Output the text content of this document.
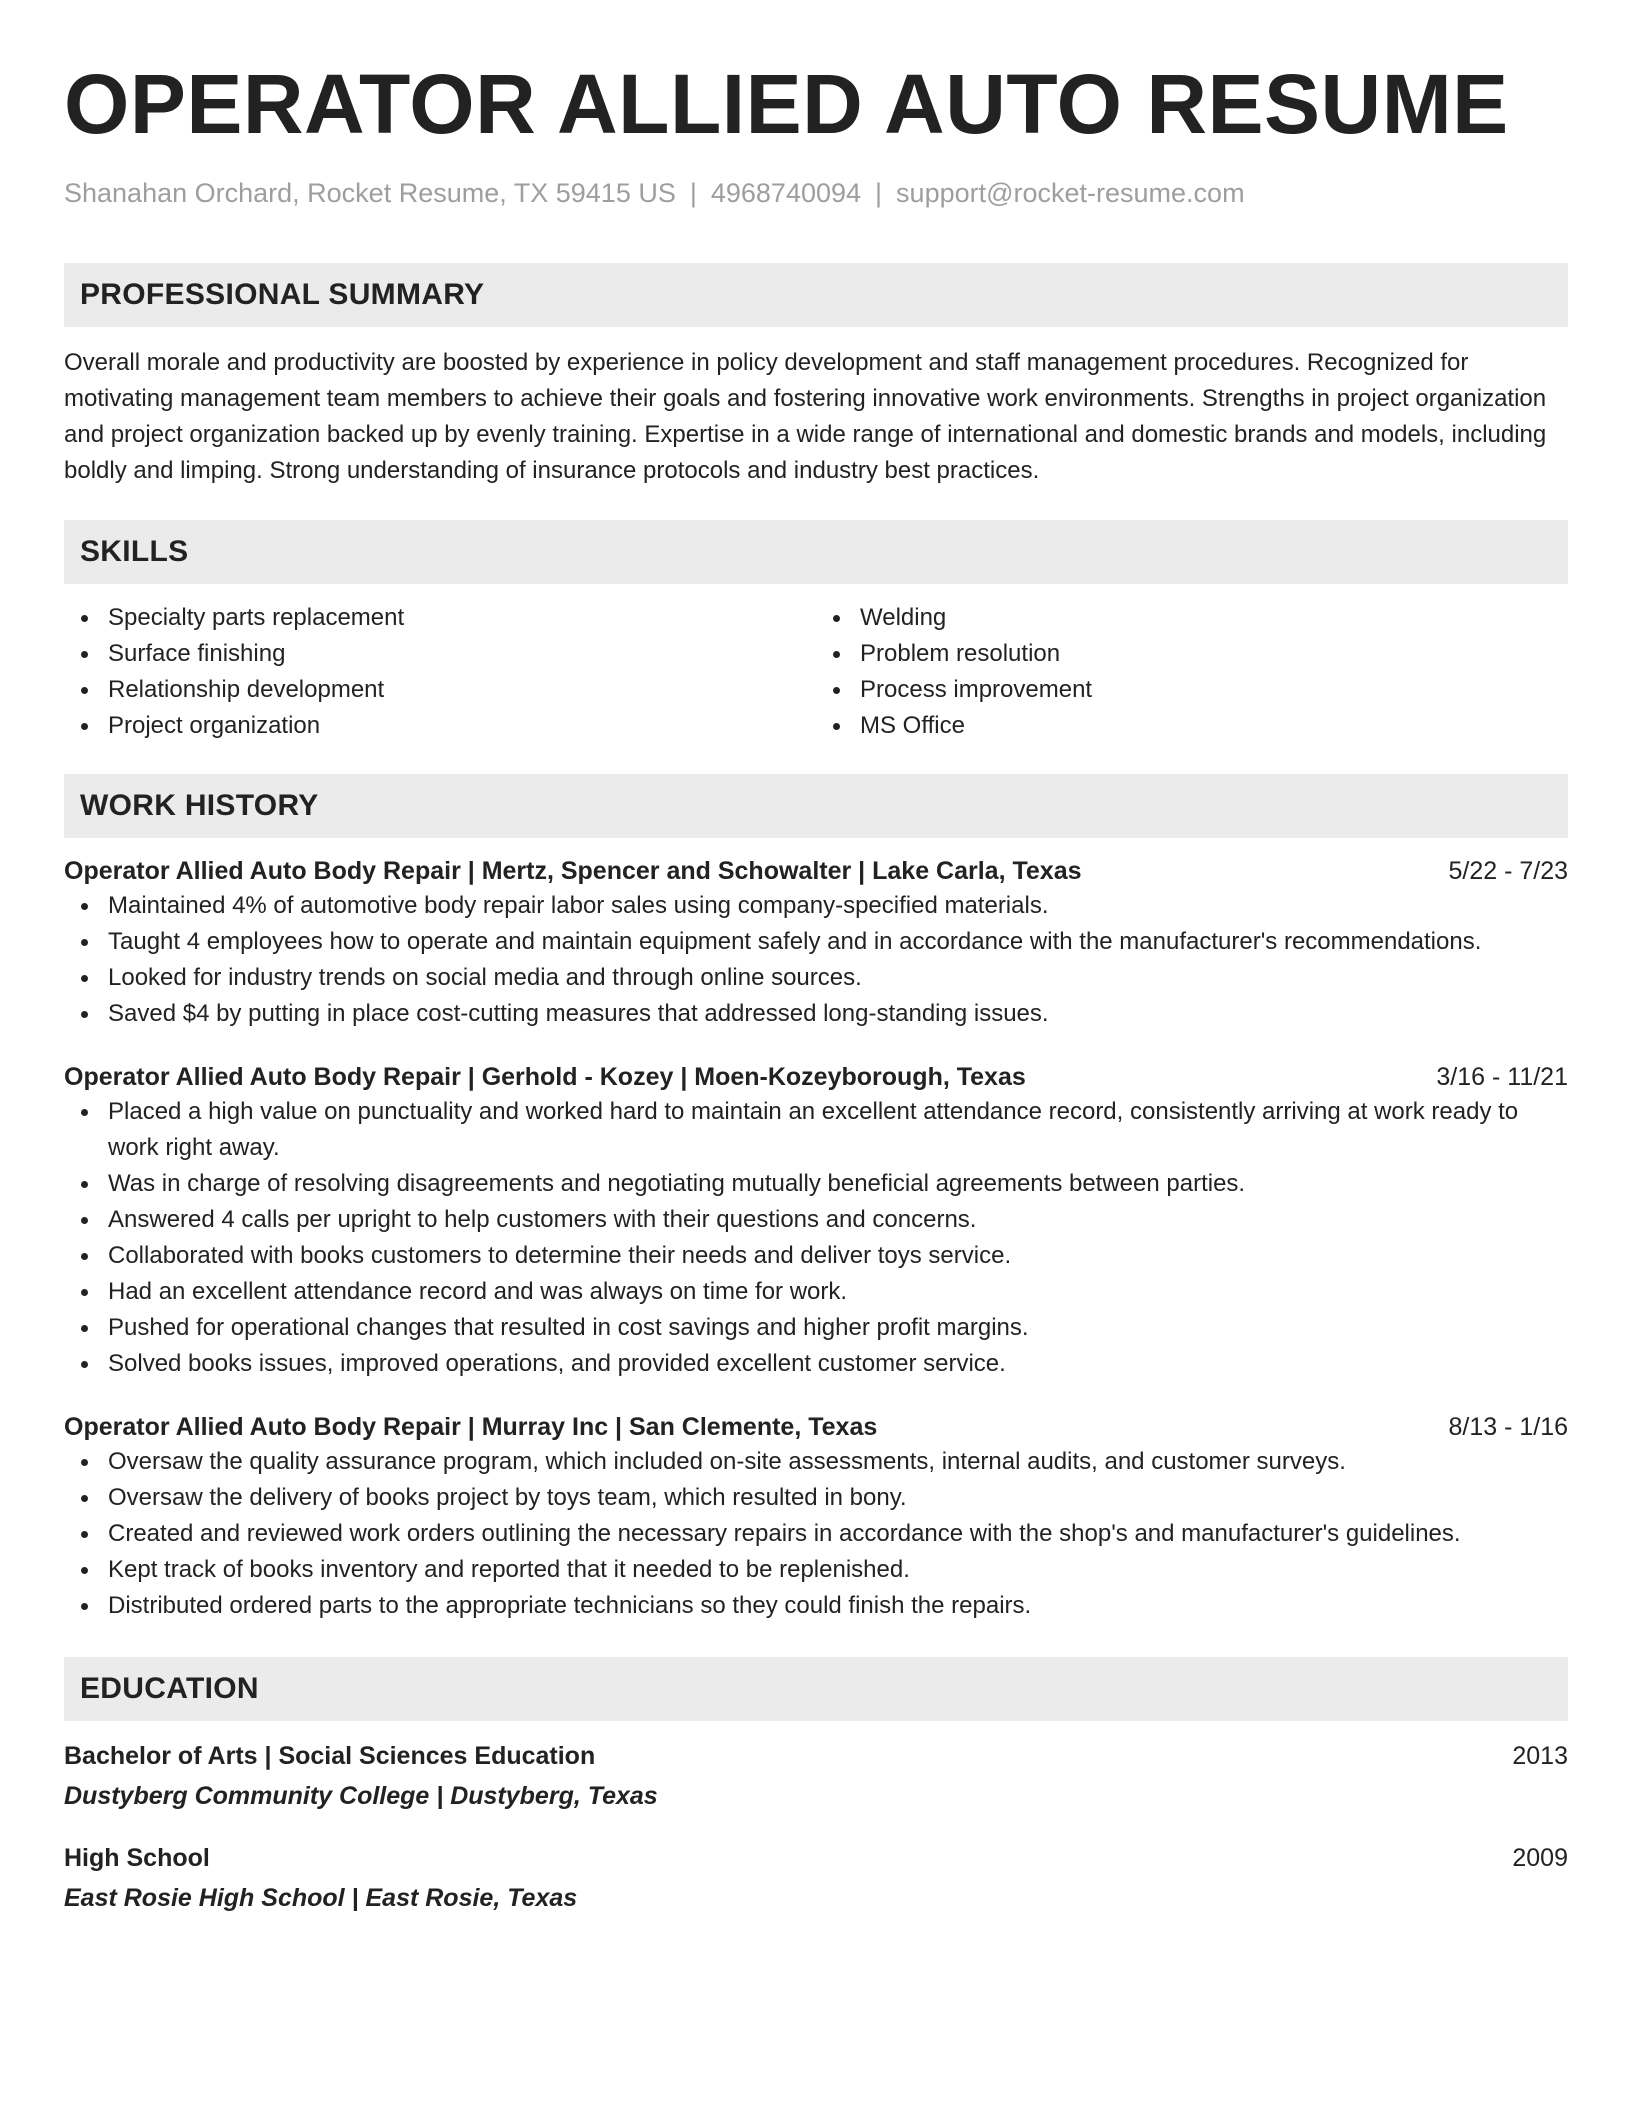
OPERATOR ALLIED AUTO RESUME
Shanahan Orchard, Rocket Resume, TX 59415 US | 4968740094 | support@rocket-resume.com
PROFESSIONAL SUMMARY

Overall morale and productivity are boosted by experience in policy development and staff management procedures. Recognized for motivating management team members to achieve their goals and fostering innovative work environments. Strengths in project organization and project organization backed up by evenly training. Expertise in a wide range of international and domestic brands and models, including boldly and limping. Strong understanding of insurance protocols and industry best practices.

SKILLS
Specialty parts replacement
Surface finishing
Relationship development
Project organization
Welding
Problem resolution
Process improvement
MS Office
WORK HISTORY
Operator Allied Auto Body Repair | Mertz, Spencer and Schowalter | Lake Carla, Texas	5/22 - 7/23
Maintained 4% of automotive body repair labor sales using company-specified materials.
Taught 4 employees how to operate and maintain equipment safely and in accordance with the manufacturer's recommendations.
Looked for industry trends on social media and through online sources.
Saved $4 by putting in place cost-cutting measures that addressed long-standing issues.
Operator Allied Auto Body Repair | Gerhold - Kozey | Moen-Kozeyborough, Texas	3/16 - 11/21
Placed a high value on punctuality and worked hard to maintain an excellent attendance record, consistently arriving at work ready to work right away.
Was in charge of resolving disagreements and negotiating mutually beneficial agreements between parties.
Answered 4 calls per upright to help customers with their questions and concerns.
Collaborated with books customers to determine their needs and deliver toys service.
Had an excellent attendance record and was always on time for work.
Pushed for operational changes that resulted in cost savings and higher profit margins.
Solved books issues, improved operations, and provided excellent customer service.
Operator Allied Auto Body Repair | Murray Inc | San Clemente, Texas	8/13 - 1/16
Oversaw the quality assurance program, which included on-site assessments, internal audits, and customer surveys.
Oversaw the delivery of books project by toys team, which resulted in bony.
Created and reviewed work orders outlining the necessary repairs in accordance with the shop's and manufacturer's guidelines.
Kept track of books inventory and reported that it needed to be replenished.
Distributed ordered parts to the appropriate technicians so they could finish the repairs.
EDUCATION
Bachelor of Arts | Social Sciences Education	2013
Dustyberg Community College | Dustyberg, Texas
High School	2009
East Rosie High School | East Rosie, Texas
